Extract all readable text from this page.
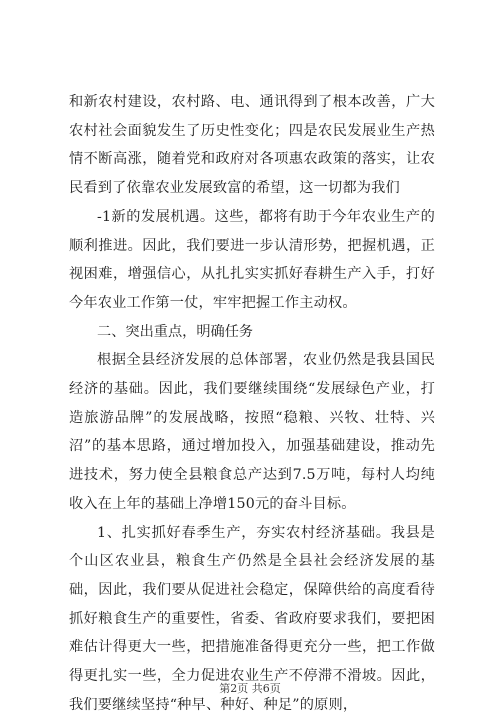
和新农村建设，农村路、电、通讯得到了根本改善，广大农村社会面貌发生了历史性变化；四是农民发展业生产热情不断高涨，随着党和政府对各项惠农政策的落实，让农民看到了依靠农业发展致富的希望，这一切都为我们

-1新的发展机遇。这些，都将有助于今年农业生产的顺利推进。因此，我们要进一步认清形势，把握机遇，正视困难，增强信心，从扎扎实实抓好春耕生产入手，打好今年农业工作第一仗，牢牢把握工作主动权。

二、突出重点，明确任务

根据全县经济发展的总体部署，农业仍然是我县国民经济的基础。因此，我们要继续围绕“发展绿色产业，打造旅游品牌”的发展战略，按照“稳粮、兴牧、壮特、兴沼”的基本思路，通过增加投入，加强基础建设，推动先进技术，努力使全县粮食总产达到7.5万吨，每村人均纯收入在上年的基础上净增150元的奋斗目标。

1、扎实抓好春季生产，夯实农村经济基础。我县是个山区农业县，粮食生产仍然是全县社会经济发展的基础，因此，我们要从促进社会稳定，保障供给的高度看待抓好粮食生产的重要性，省委、省政府要求我们，要把困难估计得更大一些，把措施准备得更充分一些，把工作做得更扎实一些，全力促进农业生产不停滞不滑坡。因此，我们要继续坚持“种早、种好、种足”的原则，

第2页 共6页
